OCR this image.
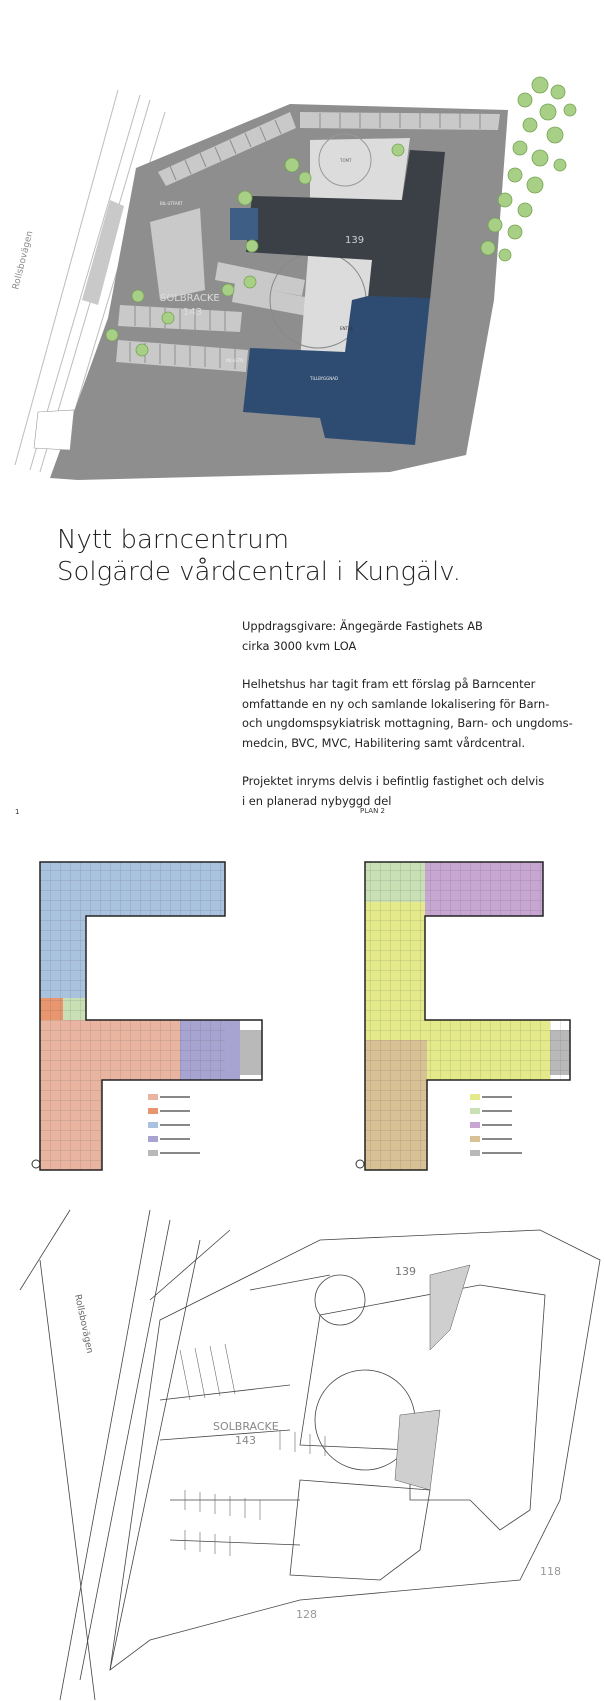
Rollsbovägen	139
SOLBRACKE
143
INLASTN.
BIL-UTFART
TILLBYGGNAD
ENTRÉ
TOMT
Nytt barncentrum
Solgärde vårdcentral i Kungälv.
Uppdragsgivare: Ängegärde Fastighets AB
cirka 3000 kvm LOA
Helhetshus har tagit fram ett förslag på Barncenter
omfattande en ny och samlande lokalisering för Barn-
och ungdomspsykiatrisk mottagning, Barn- och ungdoms-
medcin, BVC, MVC, Habilitering samt vårdcentral.
Projektet inryms delvis i befintlig fastighet och delvis
i en planerad nybyggd del
1	PLAN 2
Rollsbovägen
139
SOLBRACKE
143
128
118
